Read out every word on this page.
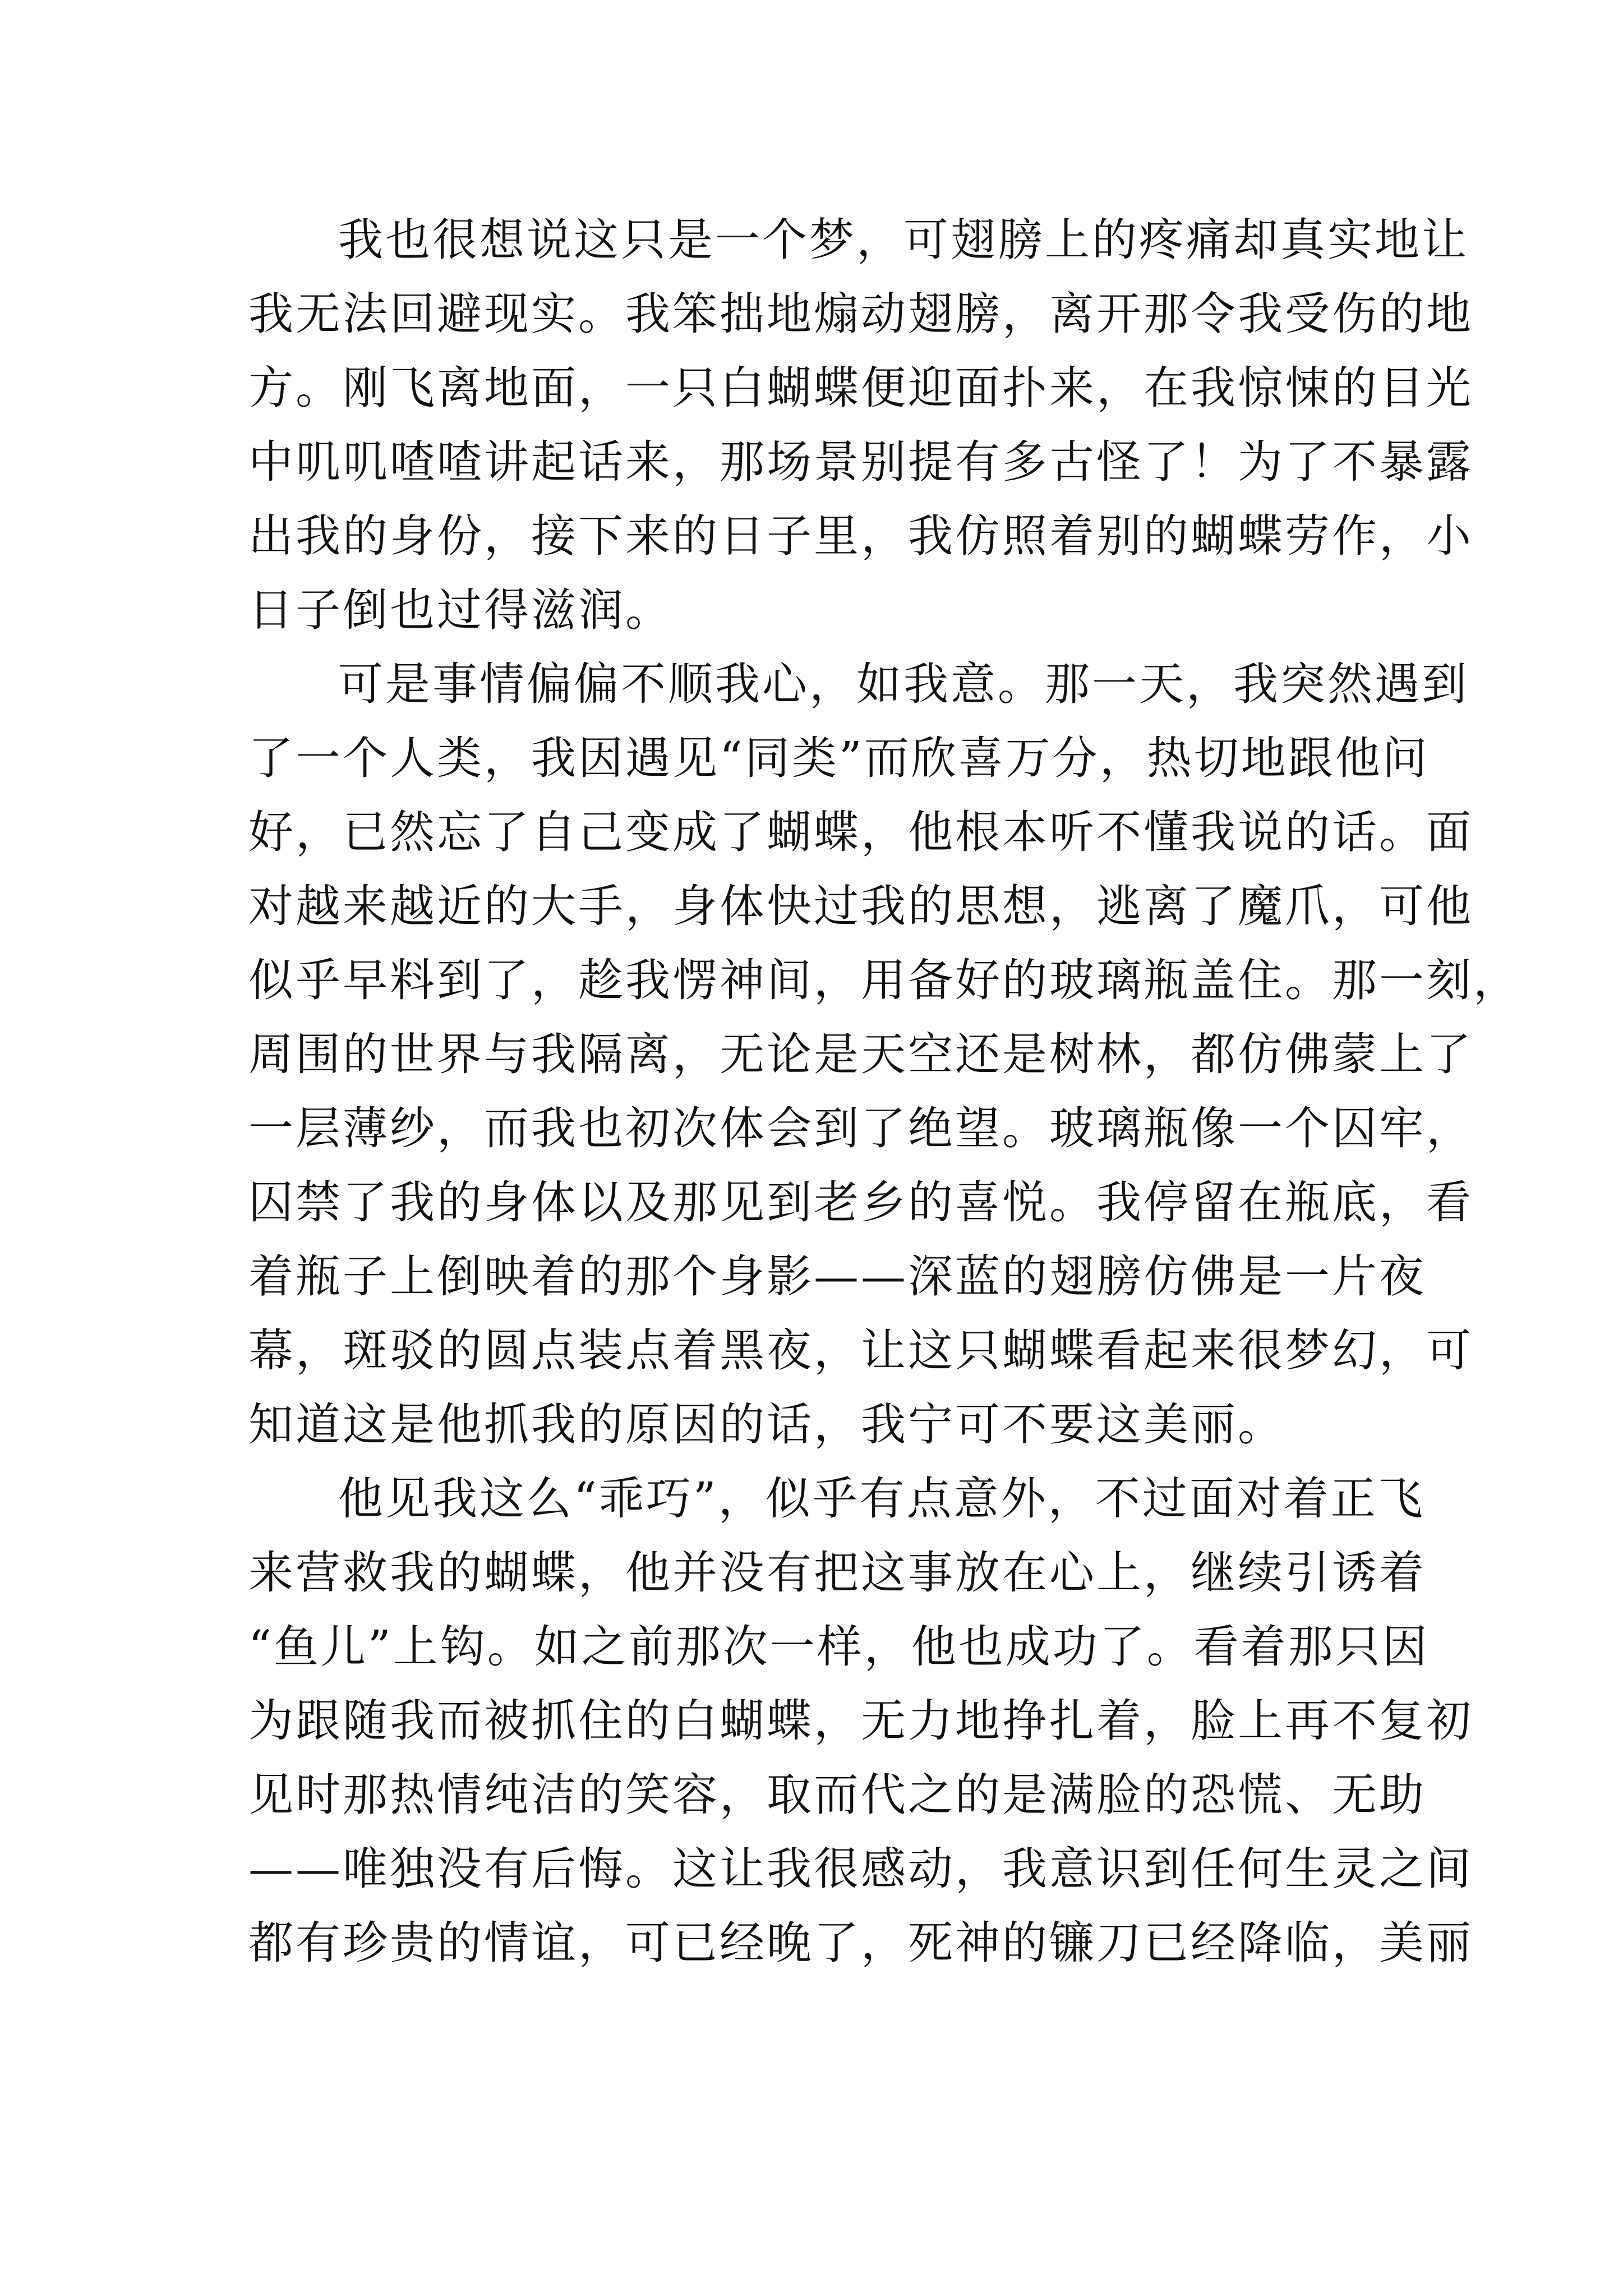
我也很想说这只是一个梦，可翅膀上的疼痛却真实地让
我无法回避现实。我笨拙地煽动翅膀，离开那令我受伤的地
方。刚飞离地面，一只白蝴蝶便迎面扑来，在我惊悚的目光
中叽叽喳喳讲起话来，那场景别提有多古怪了！为了不暴露
出我的身份，接下来的日子里，我仿照着别的蝴蝶劳作，小
日子倒也过得滋润。
可是事情偏偏不顺我心，如我意。那一天，我突然遇到
了一个人类，我因遇见“同类”而欣喜万分，热切地跟他问
好，已然忘了自己变成了蝴蝶，他根本听不懂我说的话。面
对越来越近的大手，身体快过我的思想，逃离了魔爪，可他
似乎早料到了，趁我愣神间，用备好的玻璃瓶盖住。那一刻，
周围的世界与我隔离，无论是天空还是树林，都仿佛蒙上了
一层薄纱，而我也初次体会到了绝望。玻璃瓶像一个囚牢，
囚禁了我的身体以及那见到老乡的喜悦。我停留在瓶底，看
着瓶子上倒映着的那个身影——深蓝的翅膀仿佛是一片夜
幕，斑驳的圆点装点着黑夜，让这只蝴蝶看起来很梦幻，可
知道这是他抓我的原因的话，我宁可不要这美丽。
他见我这么“乖巧”，似乎有点意外，不过面对着正飞
来营救我的蝴蝶，他并没有把这事放在心上，继续引诱着
“鱼儿”上钩。如之前那次一样，他也成功了。看着那只因
为跟随我而被抓住的白蝴蝶，无力地挣扎着，脸上再不复初
见时那热情纯洁的笑容，取而代之的是满脸的恐慌、无助
——唯独没有后悔。这让我很感动，我意识到任何生灵之间
都有珍贵的情谊，可已经晚了，死神的镰刀已经降临，美丽
